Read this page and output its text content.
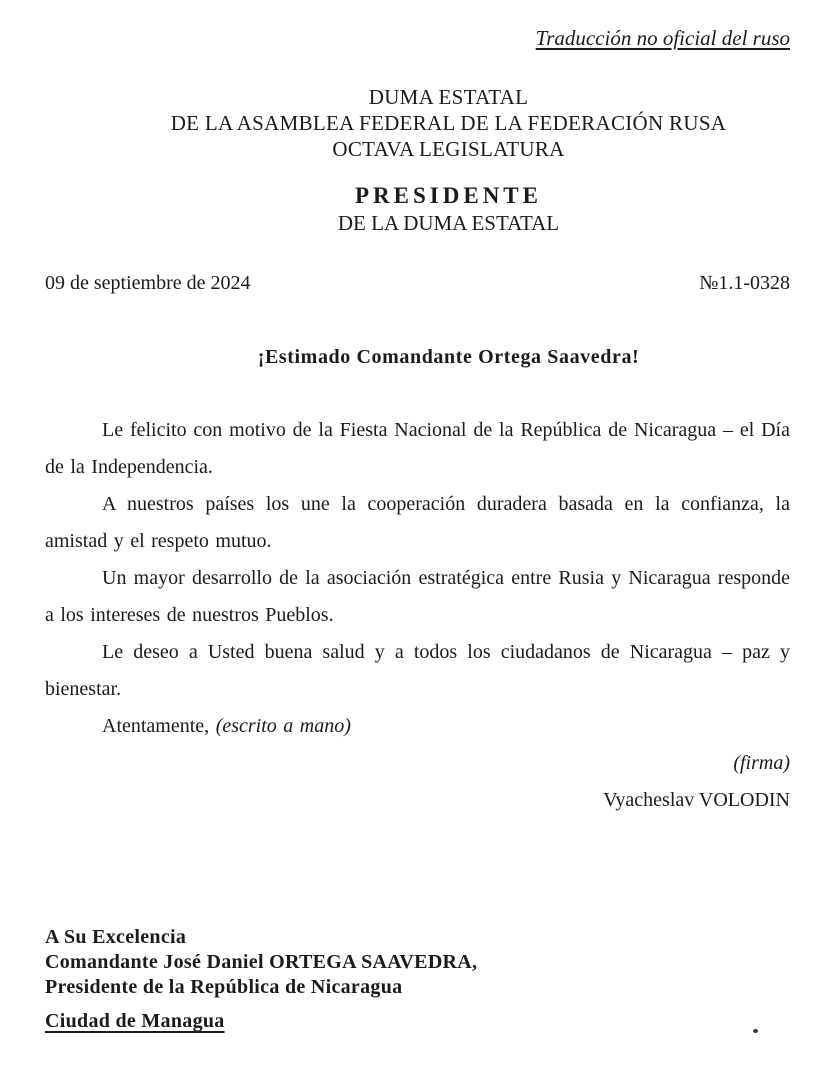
Traducción no oficial del ruso
DUMA ESTATAL
DE LA ASAMBLEA FEDERAL DE LA FEDERACIÓN RUSA
OCTAVA LEGISLATURA
PRESIDENTE
DE LA DUMA ESTATAL
09 de septiembre de 2024	№1.1-0328
¡Estimado Comandante Ortega Saavedra!

Le felicito con motivo de la Fiesta Nacional de la República de Nicaragua – el Día de la Independencia.

A nuestros países los une la cooperación duradera basada en la confianza, la amistad y el respeto mutuo.

Un mayor desarrollo de la asociación estratégica entre Rusia y Nicaragua responde a los intereses de nuestros Pueblos.

Le deseo a Usted buena salud y a todos los ciudadanos de Nicaragua – paz y bienestar.

Atentamente, (escrito a mano)

(firma)
Vyacheslav VOLODIN
A Su Excelencia
Comandante José Daniel ORTEGA SAAVEDRA,
Presidente de la República de Nicaragua
Ciudad de Managua
